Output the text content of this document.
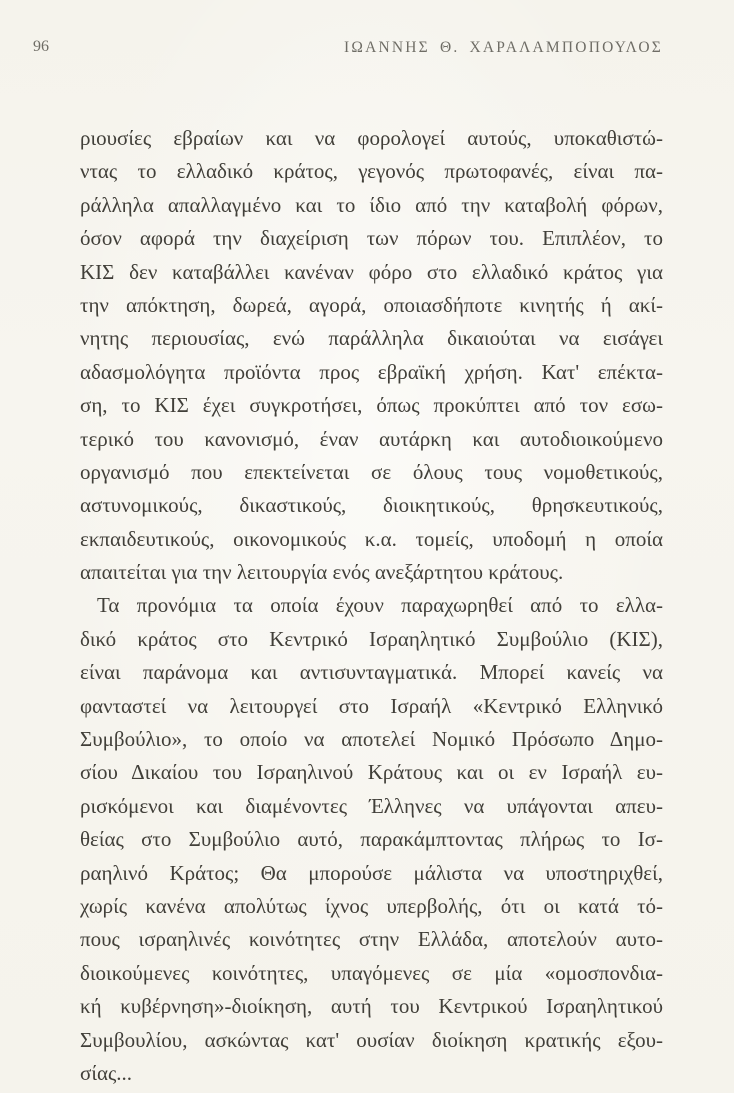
96	ΙΩΑΝΝΗΣ Θ. ΧΑΡΑΛΑΜΠΟΠΟΥΛΟΣ
ριουσίες εβραίων και να φορολογεί αυτούς, υποκαθιστώ-
ντας το ελλαδικό κράτος, γεγονός πρωτοφανές, είναι πα-
ράλληλα απαλλαγμένο και το ίδιο από την καταβολή φόρων,
όσον αφορά την διαχείριση των πόρων του. Επιπλέον, το
ΚΙΣ δεν καταβάλλει κανέναν φόρο στο ελλαδικό κράτος για
την απόκτηση, δωρεά, αγορά, οποιασδήποτε κινητής ή ακί-
νητης περιουσίας, ενώ παράλληλα δικαιούται να εισάγει
αδασμολόγητα προϊόντα προς εβραϊκή χρήση. Κατ' επέκτα-
ση, το ΚΙΣ έχει συγκροτήσει, όπως προκύπτει από τον εσω-
τερικό του κανονισμό, έναν αυτάρκη και αυτοδιοικούμενο
οργανισμό που επεκτείνεται σε όλους τους νομοθετικούς,
αστυνομικούς, δικαστικούς, διοικητικούς, θρησκευτικούς,
εκπαιδευτικούς, οικονομικούς κ.α. τομείς, υποδομή η οποία
απαιτείται για την λειτουργία ενός ανεξάρτητου κράτους.
Τα προνόμια τα οποία έχουν παραχωρηθεί από το ελλα-
δικό κράτος στο Κεντρικό Ισραηλητικό Συμβούλιο (ΚΙΣ),
είναι παράνομα και αντισυνταγματικά. Μπορεί κανείς να
φανταστεί να λειτουργεί στο Ισραήλ «Κεντρικό Ελληνικό
Συμβούλιο», το οποίο να αποτελεί Νομικό Πρόσωπο Δημο-
σίου Δικαίου του Ισραηλινού Κράτους και οι εν Ισραήλ ευ-
ρισκόμενοι και διαμένοντες Έλληνες να υπάγονται απευ-
θείας στο Συμβούλιο αυτό, παρακάμπτοντας πλήρως το Ισ-
ραηλινό Κράτος; Θα μπορούσε μάλιστα να υποστηριχθεί,
χωρίς κανένα απολύτως ίχνος υπερβολής, ότι οι κατά τό-
πους ισραηλινές κοινότητες στην Ελλάδα, αποτελούν αυτο-
διοικούμενες κοινότητες, υπαγόμενες σε μία «ομοσπονδια-
κή κυβέρνηση»-διοίκηση, αυτή του Κεντρικού Ισραηλητικού
Συμβουλίου, ασκώντας κατ' ουσίαν διοίκηση κρατικής εξου-
σίας...
